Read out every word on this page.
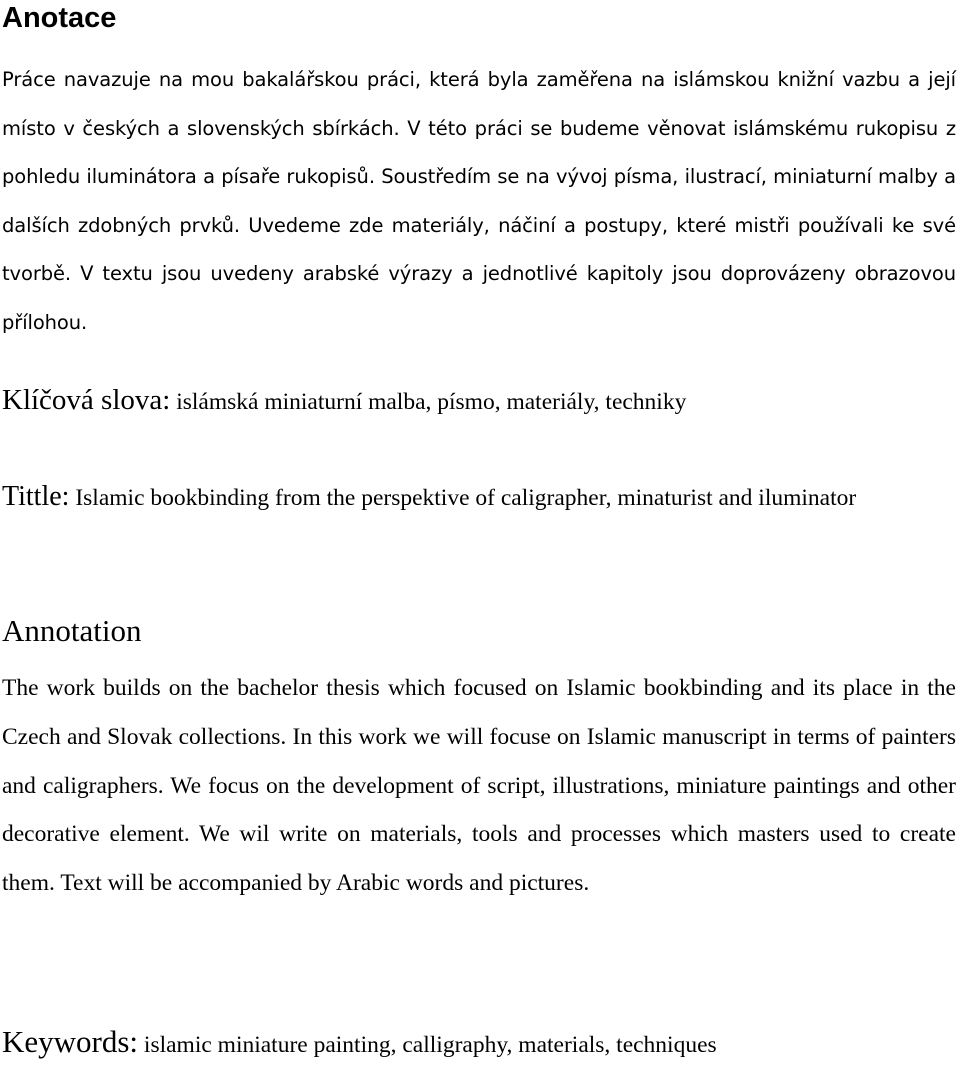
Anotace

Práce navazuje na mou bakalářskou práci, která byla zaměřena na islámskou knižní vazbu a její místo v českých a slovenských sbírkách. V této práci se budeme věnovat islámskému rukopisu z pohledu iluminátora a písaře rukopisů. Soustředím se na vývoj písma, ilustrací, miniaturní malby a dalších zdobných prvků. Uvedeme zde materiály, náčiní a postupy, které mistři používali ke své tvorbě. V textu jsou uvedeny arabské výrazy a jednotlivé kapitoly jsou doprovázeny obrazovou přílohou.

Klíčová slova: islámská miniaturní malba, písmo, materiály, techniky

Tittle: Islamic bookbinding from the perspektive of caligrapher, minaturist and iluminator

Annotation

The work builds on the bachelor thesis which focused on Islamic bookbinding and its place in the Czech and Slovak collections. In this work we will focuse on Islamic manuscript in terms of painters and caligraphers. We focus on the development of script, illustrations, miniature paintings and other decorative element. We wil write on materials, tools and processes which masters used to create them. Text will be accompanied by Arabic words and pictures.

Keywords: islamic miniature painting, calligraphy, materials, techniques
